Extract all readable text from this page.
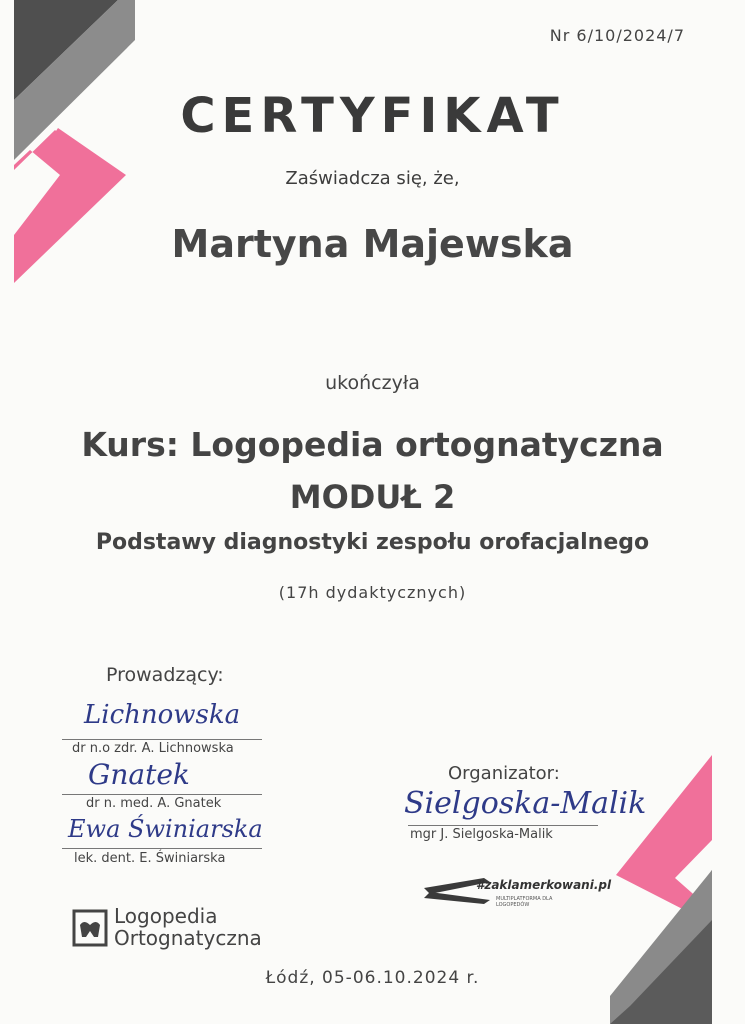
Nr 6/10/2024/7
CERTYFIKAT
Zaświadcza się, że,
Martyna Majewska
ukończyła
Kurs: Logopedia ortognatyczna
MODUŁ 2
Podstawy diagnostyki zespołu orofacjalnego
(17h dydaktycznych)
Prowadzący:
Lichnowska
dr n.o zdr. A. Lichnowska
Gnatek
dr n. med. A. Gnatek
Ewa Świniarska
lek. dent. E. Świniarska
Organizator:
Sielgoska-Malik
mgr J. Sielgoska-Malik
#zaklamerkowani.pl
MULTIPLATFORMA DLA LOGOPEDÓW
Logopedia
Ortognatyczna
Łódź, 05-06.10.2024 r.
